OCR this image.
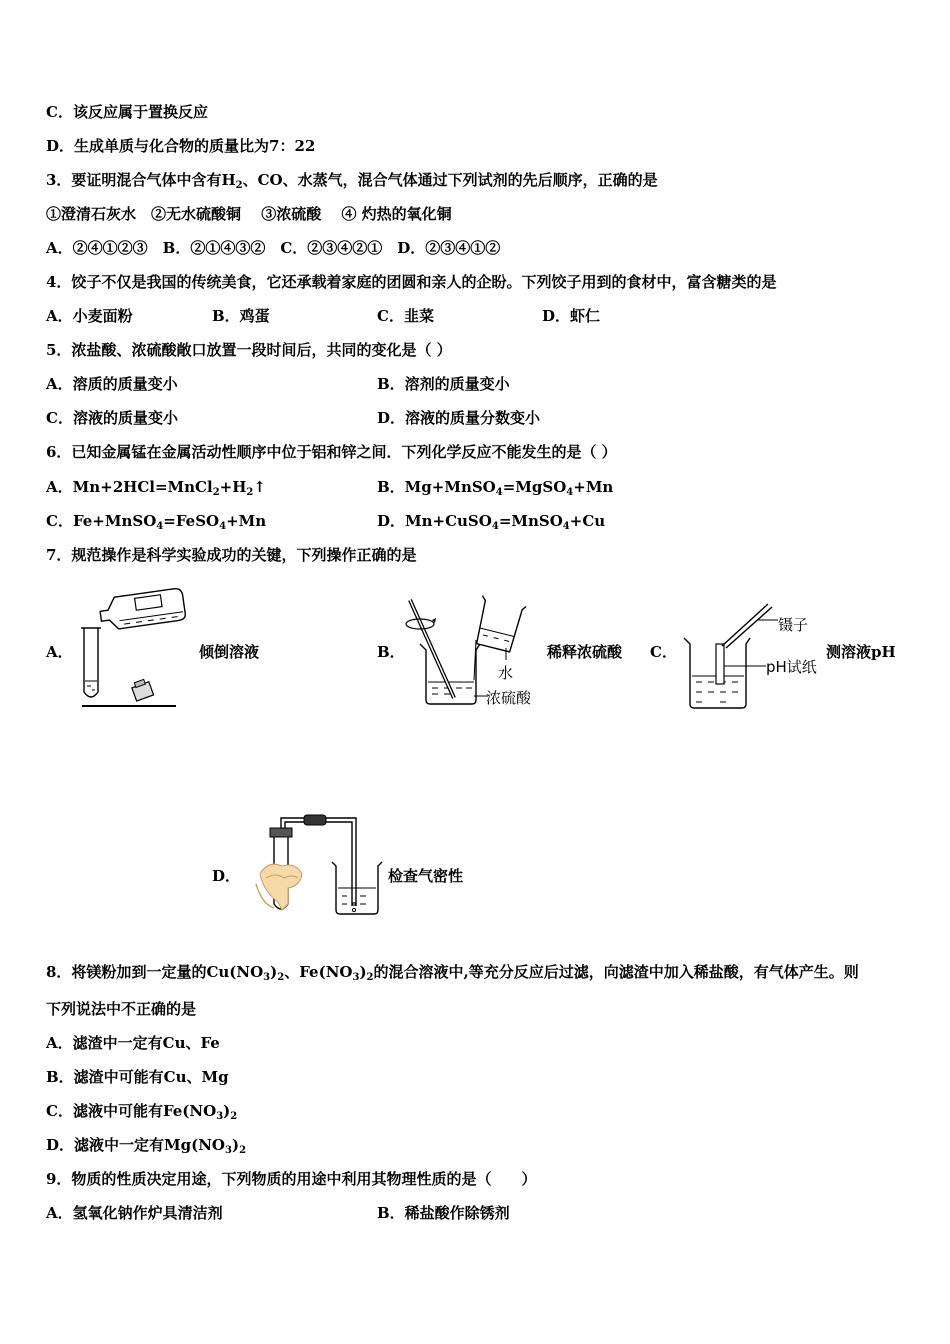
C．该反应属于置换反应
D．生成单质与化合物的质量比为7：22
3．要证明混合气体中含有$H_2$、CO、水蒸气，混合气体通过下列试剂的先后顺序，正确的是
①澄清石灰水　②无水硫酸铜　 ③浓硫酸　 ④ 灼热的氧化铜
A．②④①②③　B．②①④③②　C．②③④②①　D．②③④①②
4．饺子不仅是我国的传统美食，它还承载着家庭的团圆和亲人的企盼。下列饺子用到的食材中，富含糖类的是
A．小麦面粉	B．鸡蛋	C．韭菜	D．虾仁
5．浓盐酸、浓硫酸敞口放置一段时间后，共同的变化是（ ）
A．溶质的质量变小	B．溶剂的质量变小
C．溶液的质量变小	D．溶液的质量分数变小
6．已知金属锰在金属活动性顺序中位于铝和锌之间．下列化学反应不能发生的是（ ）
A．$Mn+2HCl=MnCl_2+H_2↑$	B．Mg+MnSO$_4$=MgSO$_4$+Mn
C．Fe+MnSO$_4$=FeSO$_4$+Mn	D．Mn+CuSO$_4$=MnSO$_4$+Cu
7．规范操作是科学实验成功的关键，下列操作正确的是
A．	倾倒溶液	B．
水
浓硫酸
稀释浓硫酸 C．
镊子
pH试纸
测溶液pH
D．	检查气密性
8．将镁粉加到一定量的$Cu(NO_3)_2$、$Fe(NO_3)_2$的混合溶液中,等充分反应后过滤，向滤渣中加入稀盐酸，有气体产生。则
下列说法中不正确的是
A．滤渣中一定有Cu、Fe
B．滤渣中可能有Cu、Mg
C．滤液中可能有$Fe(NO_3)_2$
D．滤液中一定有$Mg(NO_3)_2$
9．物质的性质决定用途，下列物质的用途中利用其物理性质的是（　　）
A．氢氧化钠作炉具清洁剂	B．稀盐酸作除锈剂
